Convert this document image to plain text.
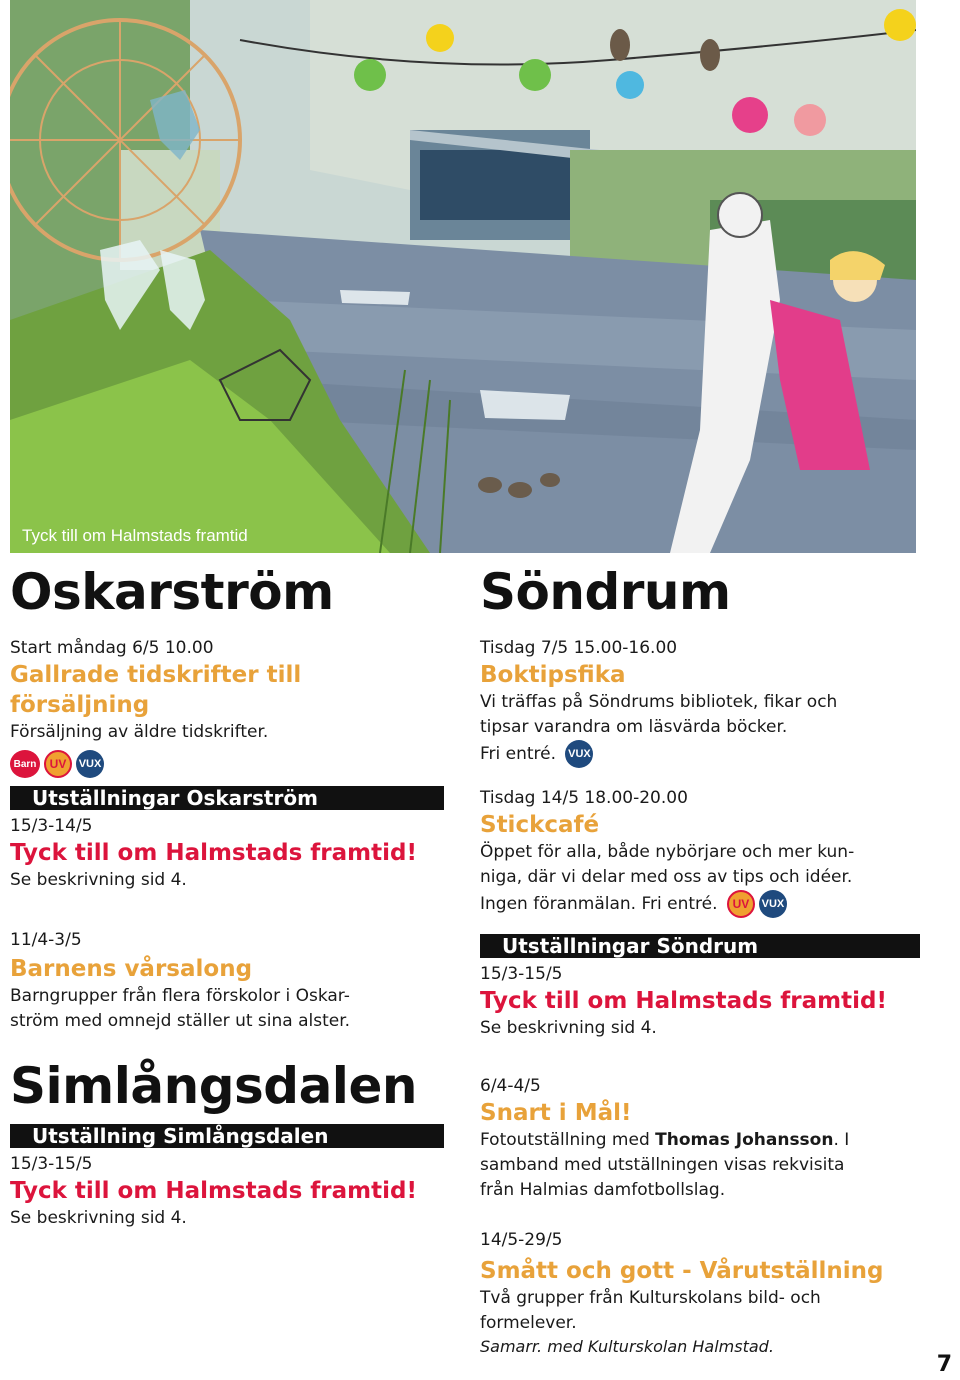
Tyck till om Halmstads framtid
Oskarström
Start måndag 6/5 10.00
Gallrade tidskrifter till försäljning
Försäljning av äldre tidskrifter.
Barn	UV	VUX
Utställningar Oskarström
15/3-14/5
Tyck till om Halmstads framtid!
Se beskrivning sid 4.
11/4-3/5
Barnens vårsalong
Barngrupper från flera förskolor i Oskar-
ström med omnejd ställer ut sina alster.
Simlångsdalen
Utställning Simlångsdalen
15/3-15/5
Tyck till om Halmstads framtid!
Se beskrivning sid 4.
Söndrum
Tisdag 7/5 15.00-16.00
Boktipsfika
Vi träffas på Söndrums bibliotek, fikar och
tipsar varandra om läsvärda böcker.
Fri entré. VUX
Tisdag 14/5 18.00-20.00
Stickcafé
Öppet för alla, både nybörjare och mer kun-
niga, där vi delar med oss av tips och idéer.
Ingen föranmälan. Fri entré.	UV	VUX
Utställningar Söndrum
15/3-15/5
Tyck till om Halmstads framtid!
Se beskrivning sid 4.
6/4-4/5
Snart i Mål!
Fotoutställning med Thomas Johansson. I
samband med utställningen visas rekvisita
från Halmias damfotbollslag.
14/5-29/5
Smått och gott - Vårutställning
Två grupper från Kulturskolans bild- och
formelever.
Samarr. med Kulturskolan Halmstad.
7
